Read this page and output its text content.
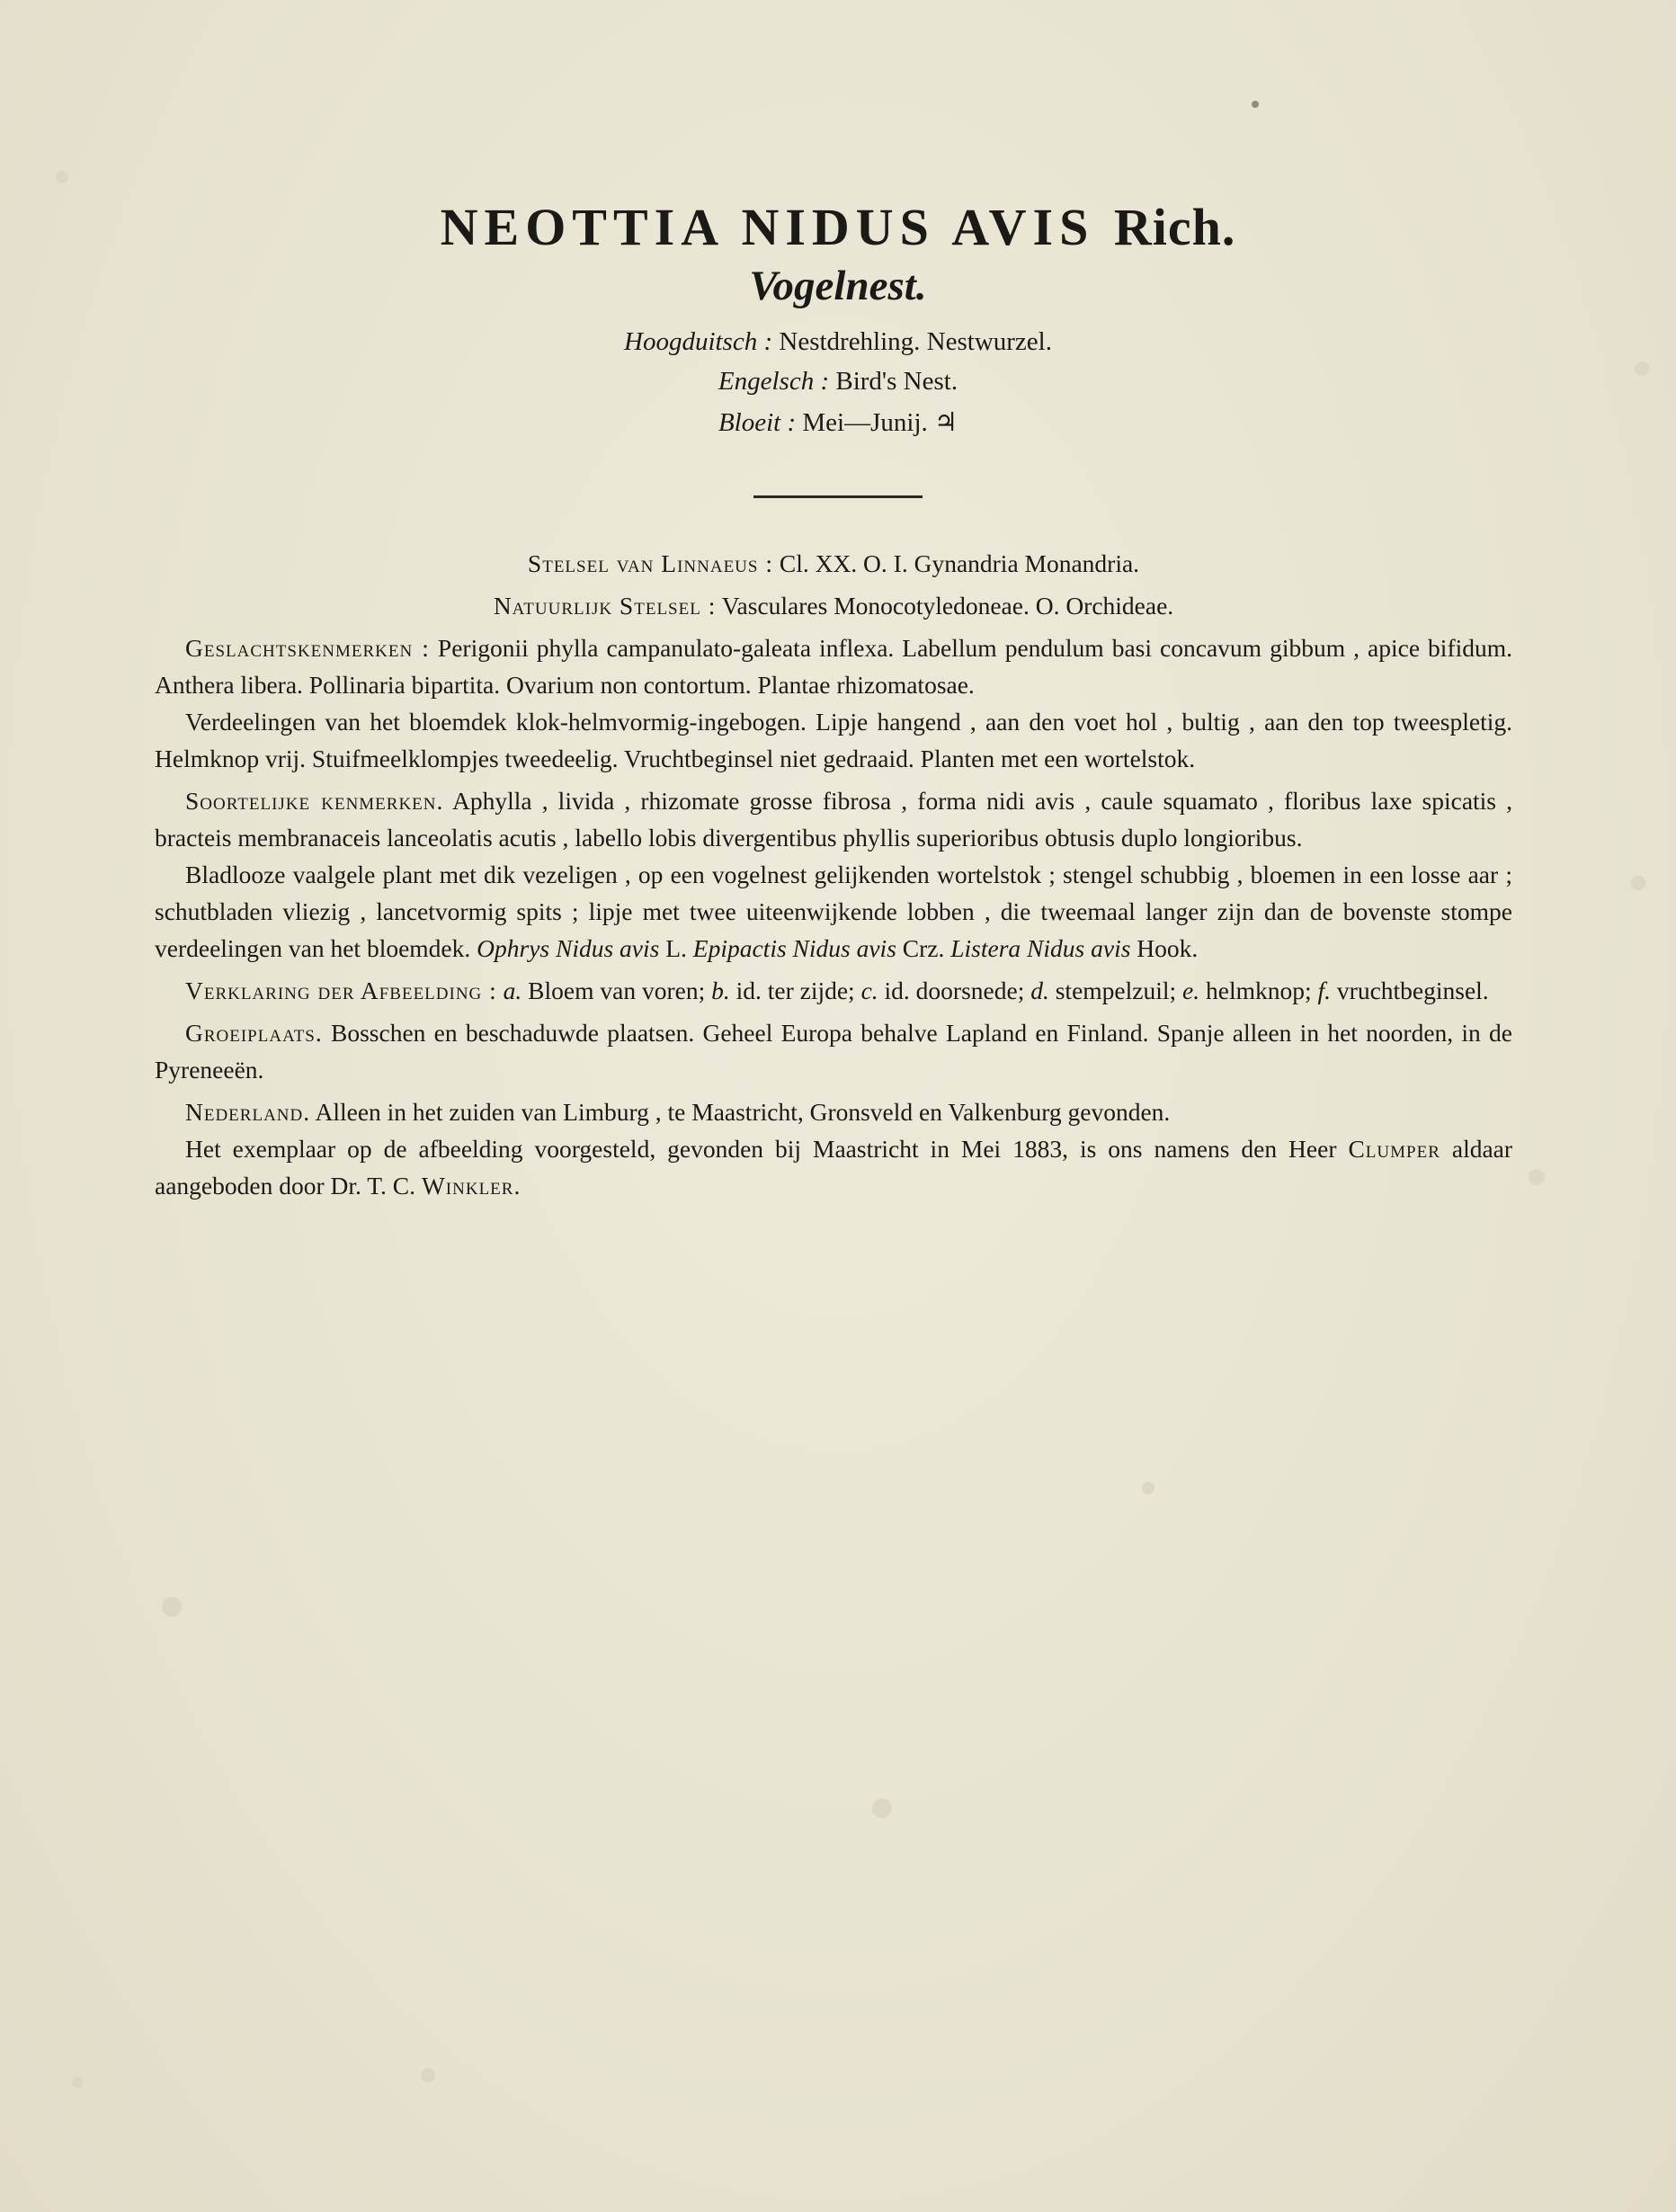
NEOTTIA NIDUS AVIS Rich.
Vogelnest.
Hoogduitsch : Nestdrehling. Nestwurzel.
Engelsch : Bird's Nest.
Bloeit : Mei—Junij. ♃

Stelsel van Linnaeus : Cl. XX. O. I. Gynandria Monandria.

Natuurlijk Stelsel : Vasculares Monocotyledoneae. O. Orchideae.

Geslachtskenmerken : Perigonii phylla campanulato-galeata inflexa. Labellum pendulum basi concavum gibbum , apice bifidum. Anthera libera. Pollinaria bipartita. Ovarium non contortum. Plantae rhizomatosae.

Verdeelingen van het bloemdek klok-helmvormig-ingebogen. Lipje hangend , aan den voet hol , bultig , aan den top tweespletig. Helmknop vrij. Stuifmeelklompjes tweedeelig. Vruchtbeginsel niet gedraaid. Planten met een wortelstok.

Soortelijke kenmerken. Aphylla , livida , rhizomate grosse fibrosa , forma nidi avis , caule squamato , floribus laxe spicatis , bracteis membranaceis lanceolatis acutis , labello lobis divergentibus phyllis superioribus obtusis duplo longioribus.

Bladlooze vaalgele plant met dik vezeligen , op een vogelnest gelijkenden wortelstok ; stengel schubbig , bloemen in een losse aar ; schutbladen vliezig , lancetvormig spits ; lipje met twee uiteenwijkende lobben , die tweemaal langer zijn dan de bovenste stompe verdeelingen van het bloemdek. Ophrys Nidus avis L. Epipactis Nidus avis Crz. Listera Nidus avis Hook.

Verklaring der Afbeelding : a. Bloem van voren; b. id. ter zijde; c. id. doorsnede; d. stempelzuil; e. helmknop; f. vruchtbeginsel.

Groeiplaats. Bosschen en beschaduwde plaatsen. Geheel Europa behalve Lapland en Finland. Spanje alleen in het noorden, in de Pyreneeën.

Nederland. Alleen in het zuiden van Limburg , te Maastricht, Gronsveld en Valkenburg gevonden.

Het exemplaar op de afbeelding voorgesteld, gevonden bij Maastricht in Mei 1883, is ons namens den Heer Clumper aldaar aangeboden door Dr. T. C. Winkler.
